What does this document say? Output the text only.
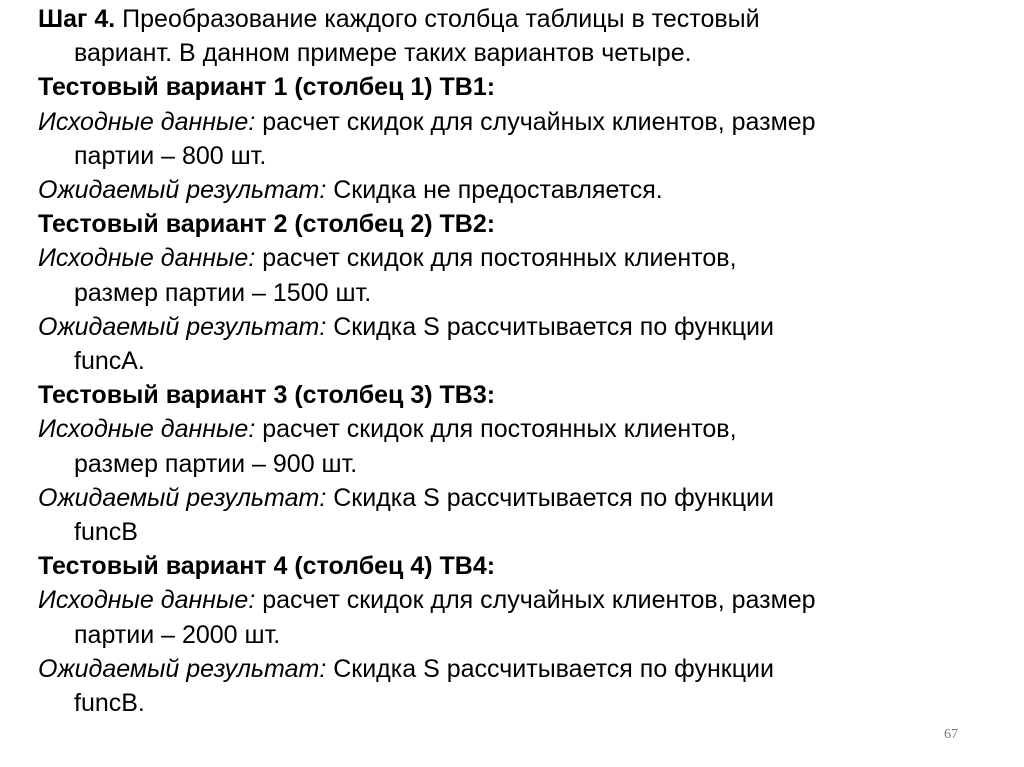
Шаг 4. Преобразование каждого столбца таблицы в тестовый
вариант. В данном примере таких вариантов четыре.
Тестовый вариант 1 (столбец 1) ТВ1:
Исходные данные: расчет скидок для случайных клиентов, размер
партии – 800 шт.
Ожидаемый результат: Скидка не предоставляется.
Тестовый вариант 2 (столбец 2) ТВ2:
Исходные данные: расчет скидок для постоянных клиентов,
размер партии – 1500 шт.
Ожидаемый результат: Скидка S рассчитывается по функции
funcA.
Тестовый вариант 3 (столбец 3) ТВ3:
Исходные данные: расчет скидок для постоянных клиентов,
размер партии – 900 шт.
Ожидаемый результат: Скидка S рассчитывается по функции
funcB
Тестовый вариант 4 (столбец 4) ТВ4:
Исходные данные: расчет скидок для случайных клиентов, размер
партии – 2000 шт.
Ожидаемый результат: Скидка S рассчитывается по функции
funcB.
67
